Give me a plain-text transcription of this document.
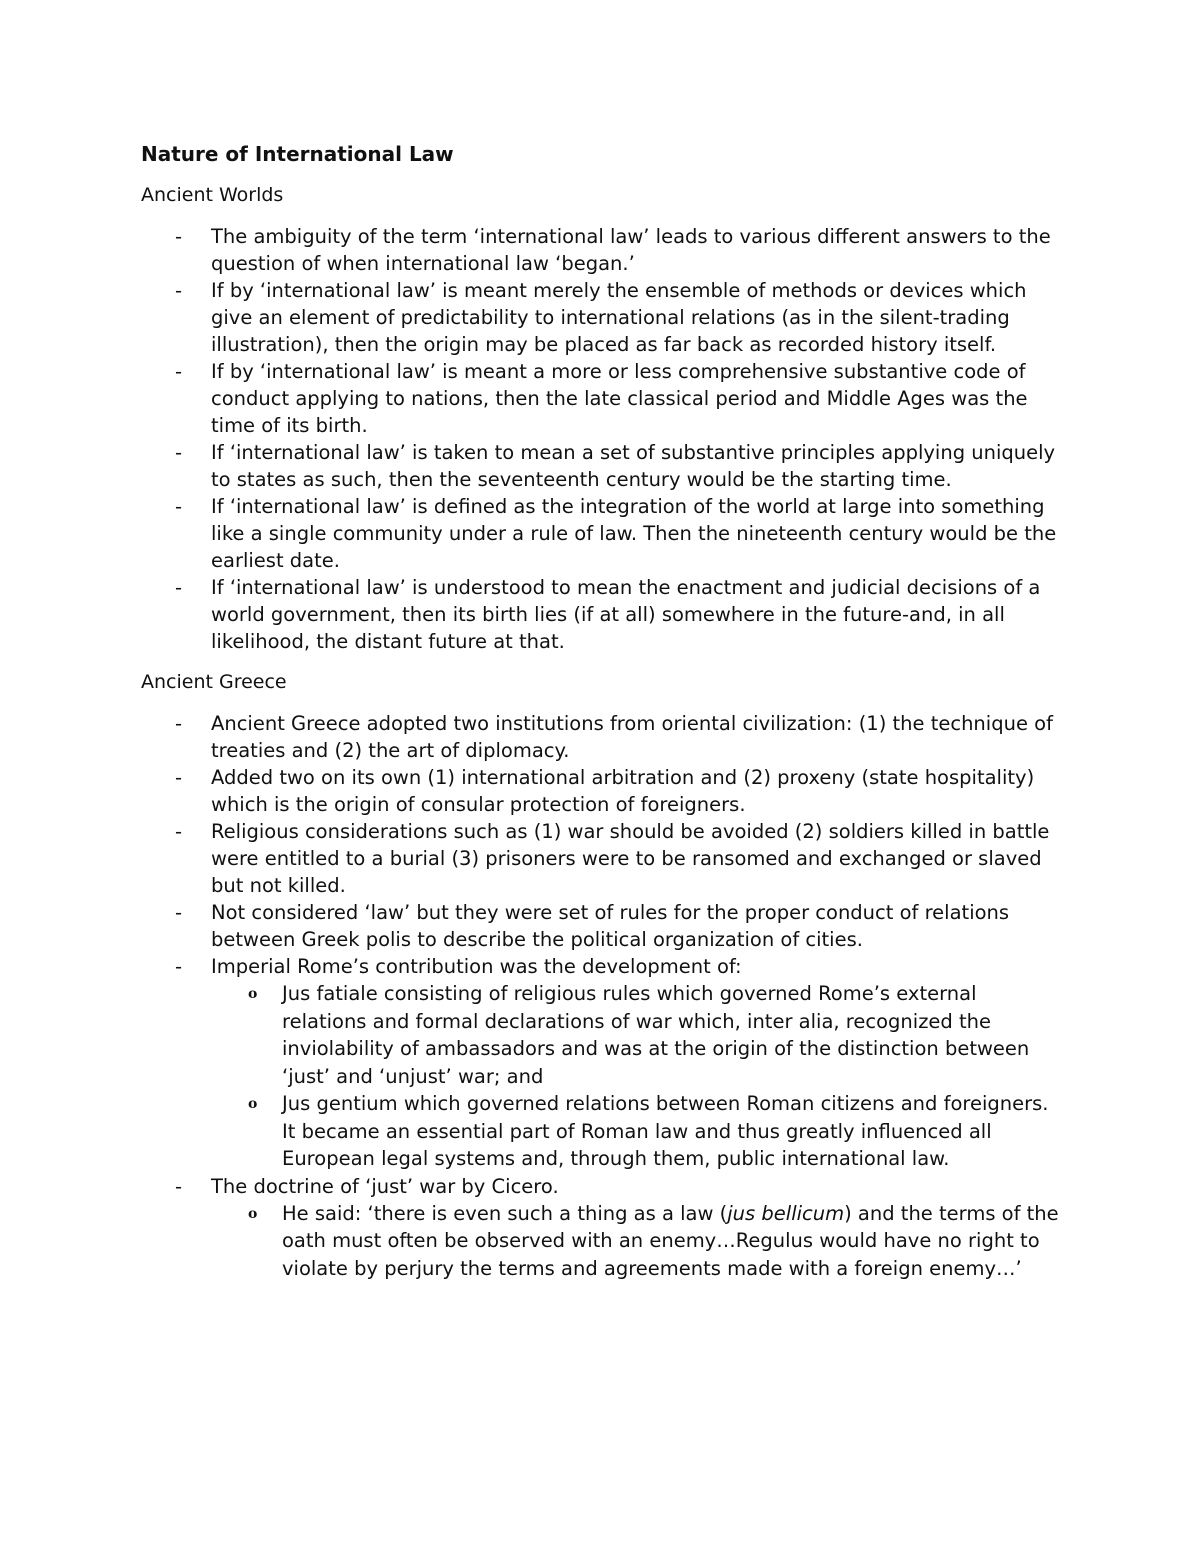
Nature of International Law
Ancient Worlds
- The ambiguity of the term ‘international law’ leads to various different answers to the question of when international law ‘began.’
- If by ‘international law’ is meant merely the ensemble of methods or devices which give an element of predictability to international relations (as in the silent-trading illustration), then the origin may be placed as far back as recorded history itself.
- If by ‘international law’ is meant a more or less comprehensive substantive code of conduct applying to nations, then the late classical period and Middle Ages was the time of its birth.
- If ‘international law’ is taken to mean a set of substantive principles applying uniquely to states as such, then the seventeenth century would be the starting time.
- If ‘international law’ is defined as the integration of the world at large into something like a single community under a rule of law. Then the nineteenth century would be the earliest date.
- If ‘international law’ is understood to mean the enactment and judicial decisions of a world government, then its birth lies (if at all) somewhere in the future-and, in all likelihood, the distant future at that.
Ancient Greece
- Ancient Greece adopted two institutions from oriental civilization: (1) the technique of treaties and (2) the art of diplomacy.
- Added two on its own (1) international arbitration and (2) proxeny (state hospitality) which is the origin of consular protection of foreigners.
- Religious considerations such as (1) war should be avoided (2) soldiers killed in battle were entitled to a burial (3) prisoners were to be ransomed and exchanged or slaved but not killed.
- Not considered ‘law’ but they were set of rules for the proper conduct of relations between Greek polis to describe the political organization of cities.
- Imperial Rome’s contribution was the development of:
o Jus fatiale consisting of religious rules which governed Rome’s external relations and formal declarations of war which, inter alia, recognized the inviolability of ambassadors and was at the origin of the distinction between ‘just’ and ‘unjust’ war; and
o Jus gentium which governed relations between Roman citizens and foreigners. It became an essential part of Roman law and thus greatly influenced all European legal systems and, through them, public international law.
- The doctrine of ‘just’ war by Cicero.
o He said: ‘there is even such a thing as a law (jus bellicum) and the terms of the oath must often be observed with an enemy…Regulus would have no right to violate by perjury the terms and agreements made with a foreign enemy…’
